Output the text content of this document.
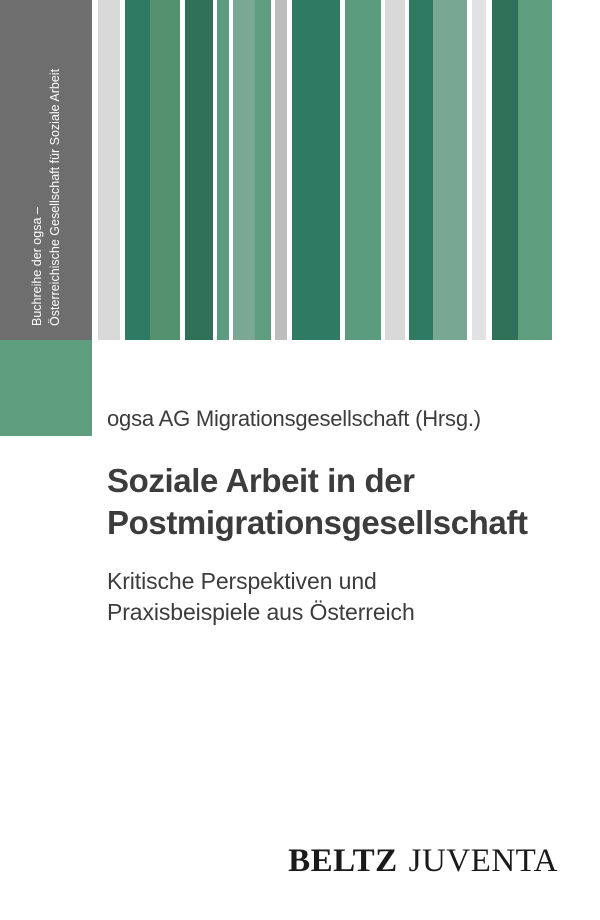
Buchreihe der ogsa – Österreichische Gesellschaft für Soziale Arbeit

ogsa AG Migrationsgesellschaft (Hrsg.)

Soziale Arbeit in der
Postmigrationsgesellschaft

Kritische Perspektiven und
Praxisbeispiele aus Österreich

BELTZ JUVENTA
